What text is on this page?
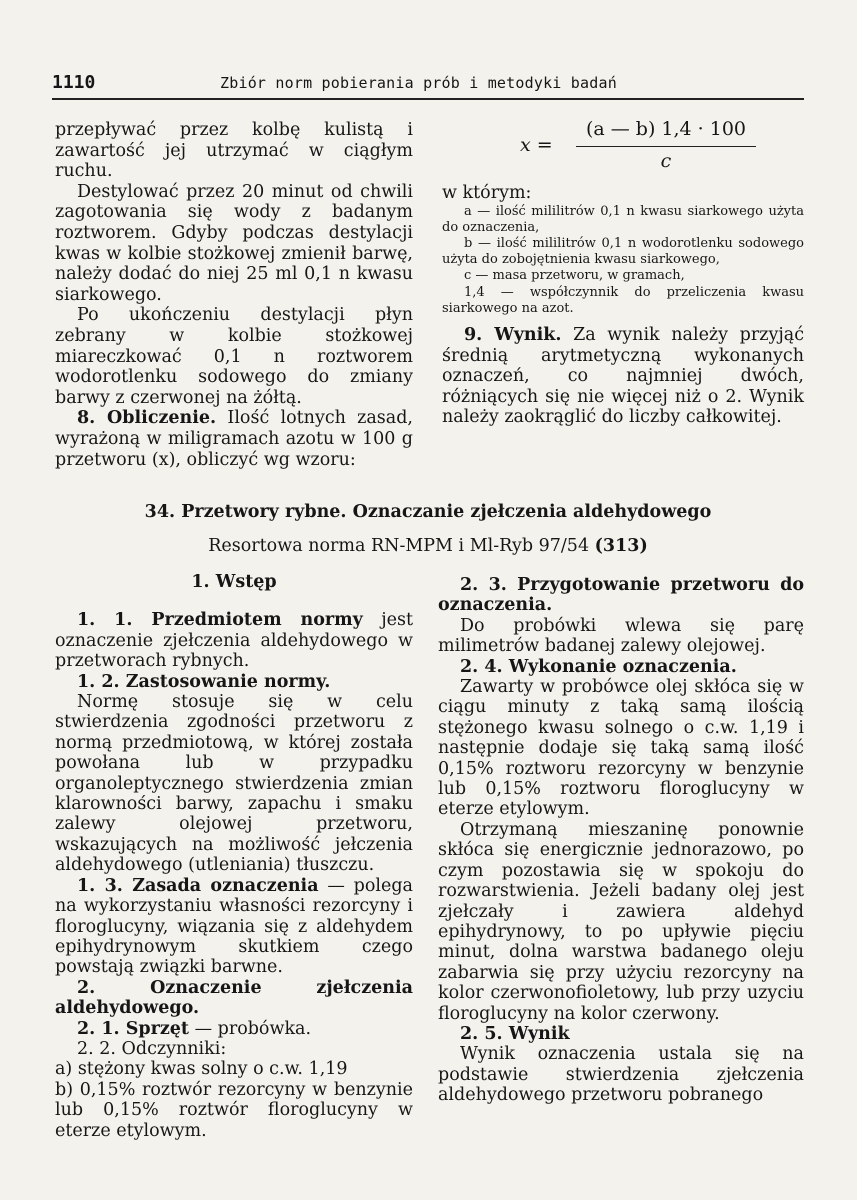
1110	Zbiór norm pobierania prób i metodyki badań

przepływać przez kolbę kulistą i zawartość jej utrzymać w ciągłym ruchu.

Destylować przez 20 minut od chwili zagotowania się wody z badanym roztworem. Gdyby podczas destylacji kwas w kolbie stożkowej zmienił barwę, należy dodać do niej 25 ml 0,1 n kwasu siarkowego.

Po ukończeniu destylacji płyn zebrany w kolbie stożkowej miareczkować 0,1 n roztworem wodorotlenku sodowego do zmiany barwy z czerwonej na żółtą.

8. Obliczenie. Ilość lotnych zasad, wyrażoną w miligramach azotu w 100 g przetworu (x), obliczyć wg wzoru:

x =
(a — b) 1,4 · 100
c

w którym:

a — ilość mililitrów 0,1 n kwasu siarkowego użyta do oznaczenia,

b — ilość mililitrów 0,1 n wodorotlenku sodowego użyta do zobojętnienia kwasu siarkowego,

c — masa przetworu, w gramach,

1,4 — współczynnik do przeliczenia kwasu siarkowego na azot.

9. Wynik. Za wynik należy przyjąć średnią arytmetyczną wykonanych oznaczeń, co najmniej dwóch, różniących się nie więcej niż o 2. Wynik należy zaokrąglić do liczby całkowitej.

34. Przetwory rybne. Oznaczanie zjełczenia aldehydowego
Resortowa norma RN-MPM i Ml-Ryb 97/54 (313)

1. Wstęp

1. 1. Przedmiotem normy jest oznaczenie zjełczenia aldehydowego w przetworach rybnych.

1. 2. Zastosowanie normy.

Normę stosuje się w celu stwierdzenia zgodności przetworu z normą przedmiotową, w której została powołana lub w przypadku organoleptycznego stwierdzenia zmian klarowności barwy, zapachu i smaku zalewy olejowej przetworu, wskazujących na możliwość jełczenia aldehydowego (utleniania) tłuszczu.

1. 3. Zasada oznaczenia — polega na wykorzystaniu własności rezorcyny i floroglucyny, wiązania się z aldehydem epihydrynowym skutkiem czego powstają związki barwne.

2. Oznaczenie zjełczenia aldehydowego.

2. 1. Sprzęt — probówka.

2. 2. Odczynniki:

a) stężony kwas solny o c.w. 1,19

b) 0,15% roztwór rezorcyny w benzynie lub 0,15% roztwór floroglucyny w eterze etylowym.

2. 3. Przygotowanie przetworu do oznaczenia.

Do probówki wlewa się parę milimetrów badanej zalewy olejowej.

2. 4. Wykonanie oznaczenia.

Zawarty w probówce olej skłóca się w ciągu minuty z taką samą ilością stężonego kwasu solnego o c.w. 1,19 i następnie dodaje się taką samą ilość 0,15% roztworu rezorcyny w benzynie lub 0,15% roztworu floroglucyny w eterze etylowym.

Otrzymaną mieszaninę ponownie skłóca się energicznie jednorazowo, po czym pozostawia się w spokoju do rozwarstwienia. Jeżeli badany olej jest zjełczały i zawiera aldehyd epihydrynowy, to po upływie pięciu minut, dolna warstwa badanego oleju zabarwia się przy użyciu rezorcyny na kolor czerwonofioletowy, lub przy uzyciu floroglucyny na kolor czerwony.

2. 5. Wynik

Wynik oznaczenia ustala się na podstawie stwierdzenia zjełczenia aldehydowego przetworu pobranego
